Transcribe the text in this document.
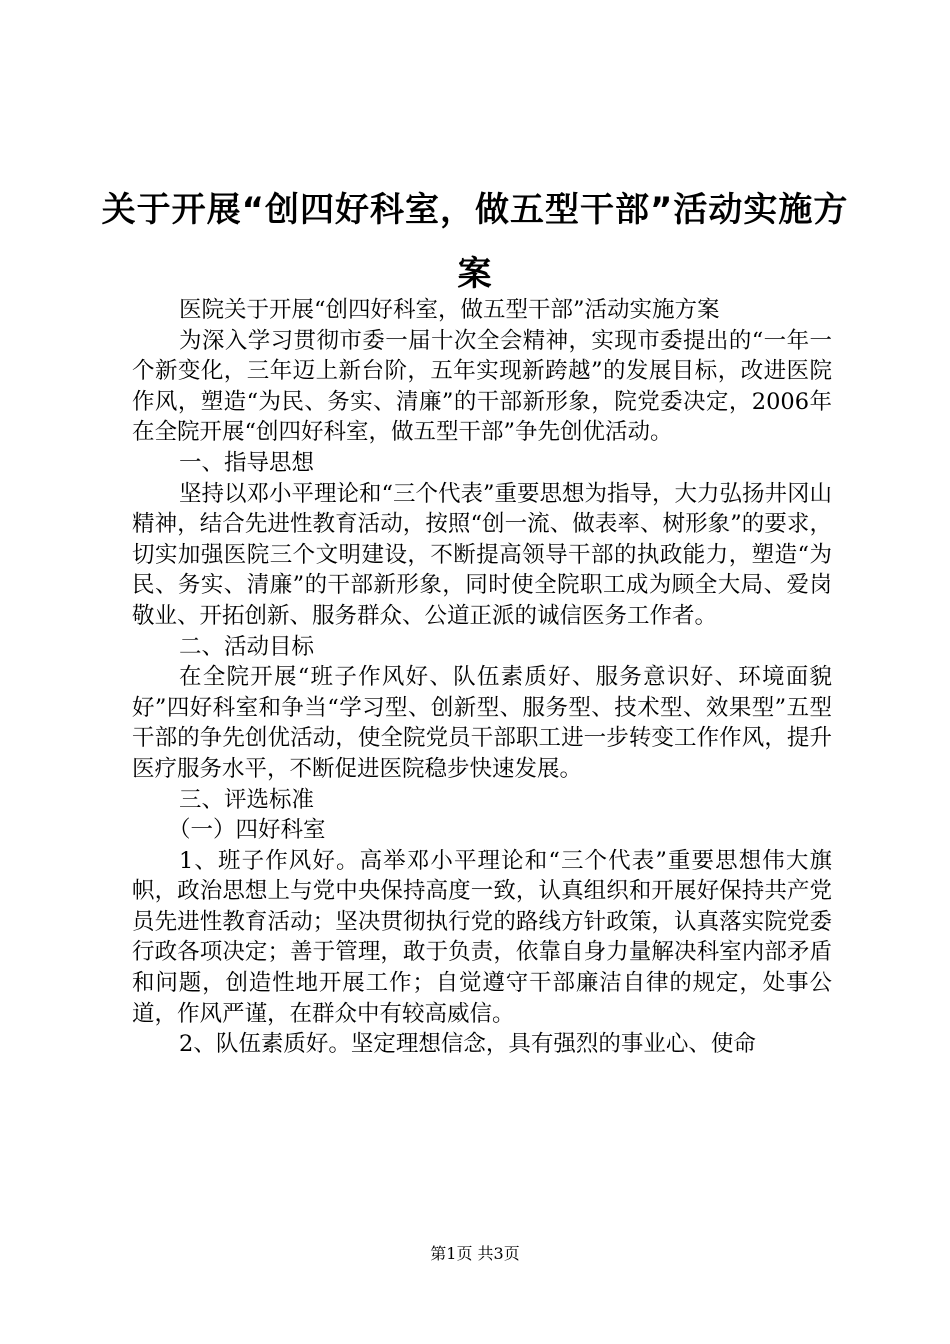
关于开展“创四好科室，做五型干部”活动实施方案

医院关于开展“创四好科室，做五型干部”活动实施方案

为深入学习贯彻市委一届十次全会精神，实现市委提出的“一年一个新变化，三年迈上新台阶，五年实现新跨越”的发展目标，改进医院作风，塑造“为民、务实、清廉”的干部新形象，院党委决定，2006年在全院开展“创四好科室，做五型干部”争先创优活动。

一、指导思想

坚持以邓小平理论和“三个代表”重要思想为指导，大力弘扬井冈山精神，结合先进性教育活动，按照“创一流、做表率、树形象”的要求，切实加强医院三个文明建设，不断提高领导干部的执政能力，塑造“为民、务实、清廉”的干部新形象，同时使全院职工成为顾全大局、爱岗敬业、开拓创新、服务群众、公道正派的诚信医务工作者。

二、活动目标

在全院开展“班子作风好、队伍素质好、服务意识好、环境面貌好”四好科室和争当“学习型、创新型、服务型、技术型、效果型”五型干部的争先创优活动，使全院党员干部职工进一步转变工作作风，提升医疗服务水平，不断促进医院稳步快速发展。

三、评选标准

（一）四好科室

1、班子作风好。高举邓小平理论和“三个代表”重要思想伟大旗帜，政治思想上与党中央保持高度一致，认真组织和开展好保持共产党员先进性教育活动；坚决贯彻执行党的路线方针政策，认真落实院党委行政各项决定；善于管理，敢于负责，依靠自身力量解决科室内部矛盾和问题，创造性地开展工作；自觉遵守干部廉洁自律的规定，处事公道，作风严谨，在群众中有较高威信。

2、队伍素质好。坚定理想信念，具有强烈的事业心、使命

第1页 共3页
